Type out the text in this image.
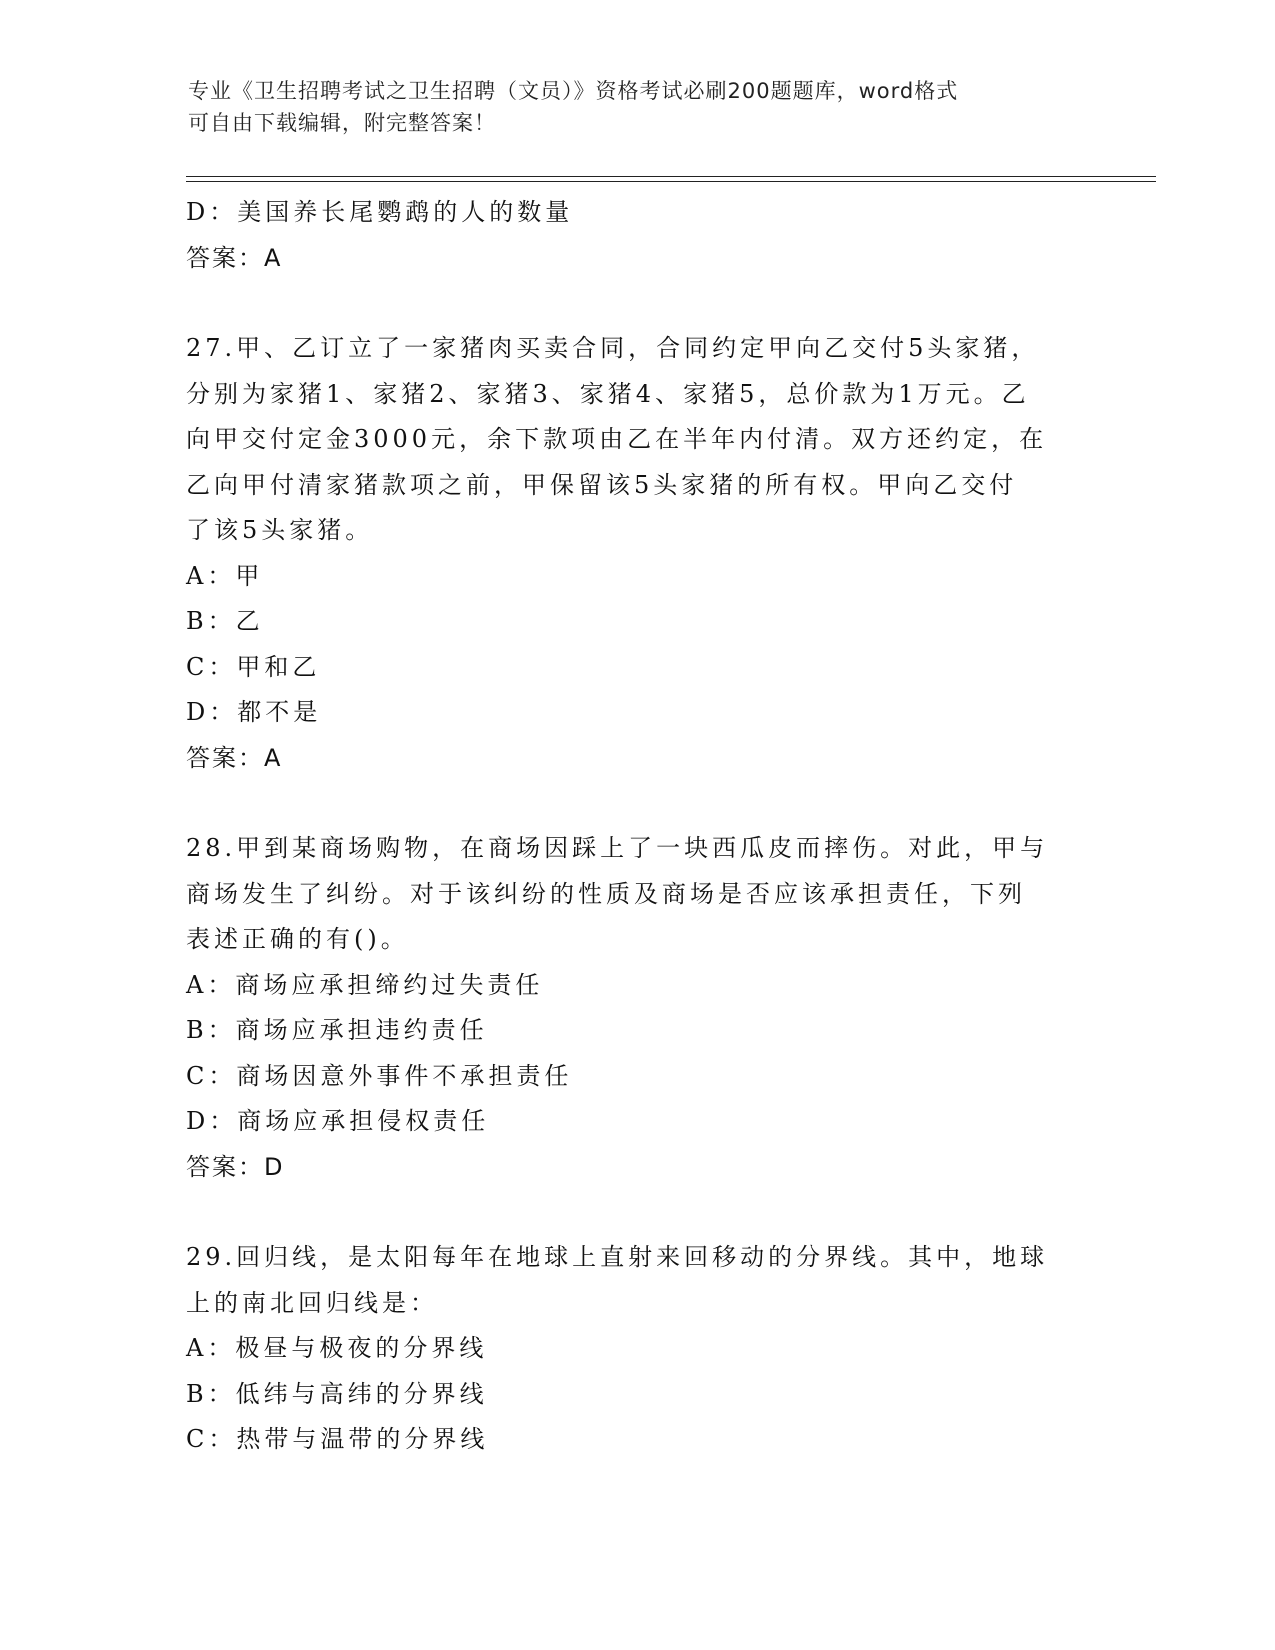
专业《卫生招聘考试之卫生招聘（文员）》资格考试必刷200题题库，word格式
可自由下载编辑，附完整答案！
D：美国养长尾鹦鹉的人的数量
答案：A
27.甲、乙订立了一家猪肉买卖合同，合同约定甲向乙交付5头家猪，
分别为家猪1、家猪2、家猪3、家猪4、家猪5，总价款为1万元。乙
向甲交付定金3000元，余下款项由乙在半年内付清。双方还约定，在
乙向甲付清家猪款项之前，甲保留该5头家猪的所有权。甲向乙交付
了该5头家猪。
A：甲
B：乙
C：甲和乙
D：都不是
答案：A
28.甲到某商场购物，在商场因踩上了一块西瓜皮而摔伤。对此，甲与
商场发生了纠纷。对于该纠纷的性质及商场是否应该承担责任，下列
表述正确的有()。
A：商场应承担缔约过失责任
B：商场应承担违约责任
C：商场因意外事件不承担责任
D：商场应承担侵权责任
答案：D
29.回归线，是太阳每年在地球上直射来回移动的分界线。其中，地球
上的南北回归线是：
A：极昼与极夜的分界线
B：低纬与高纬的分界线
C：热带与温带的分界线
